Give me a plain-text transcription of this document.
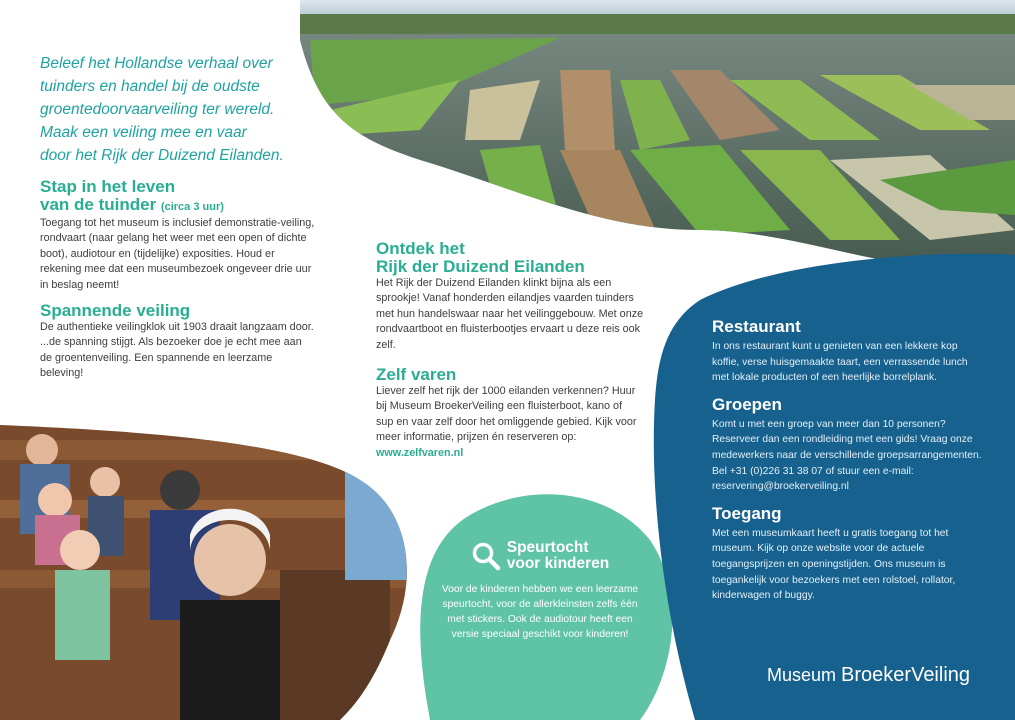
Beleef het Hollandse verhaal over
tuinders en handel bij de oudste
groentedoorvaarveiling ter wereld.
Maak een veiling mee en vaar
door het Rijk der Duizend Eilanden.
Stap in het leven
van de tuinder (circa 3 uur)

Toegang tot het museum is inclusief demonstratie-veiling, rondvaart (naar gelang het weer met een open of dichte boot), audiotour en (tijdelijke) exposities. Houd er rekening mee dat een museumbezoek ongeveer drie uur in beslag neemt!

Spannende veiling

De authentieke veilingklok uit 1903 draait langzaam door. ...de spanning stijgt. Als bezoeker doe je echt mee aan de groentenveiling. Een spannende en leerzame beleving!

Ontdek het
Rijk der Duizend Eilanden

Het Rijk der Duizend Eilanden klinkt bijna als een sprookje! Vanaf honderden eilandjes vaarden tuinders met hun handelswaar naar het veilinggebouw. Met onze rondvaartboot en fluisterbootjes ervaart u deze reis ook zelf.

Zelf varen

Liever zelf het rijk der 1000 eilanden verkennen? Huur bij Museum BroekerVeiling een fluisterboot, kano of sup en vaar zelf door het omliggende gebied. Kijk voor meer informatie, prijzen én reserveren op: www.zelfvaren.nl

Speurtocht
voor kinderen

Voor de kinderen hebben we een leerzame speurtocht, voor de allerkleinsten zelfs één met stickers. Ook de audiotour heeft een versie speciaal geschikt voor kinderen!

Restaurant

In ons restaurant kunt u genieten van een lekkere kop koffie, verse huisgemaakte taart, een verrassende lunch met lokale producten of een heerlijke borrelplank.

Groepen

Komt u met een groep van meer dan 10 personen? Reserveer dan een rondleiding met een gids! Vraag onze medewerkers naar de verschillende groepsarrangementen. Bel +31 (0)226 31 38 07 of stuur een e-mail: reservering@broekerveiling.nl

Toegang

Met een museumkaart heeft u gratis toegang tot het museum. Kijk op onze website voor de actuele toegangsprijzen en openingstijden. Ons museum is toegankelijk voor bezoekers met een rolstoel, rollator, kinderwagen of buggy.

Museum BroekerVeiling
